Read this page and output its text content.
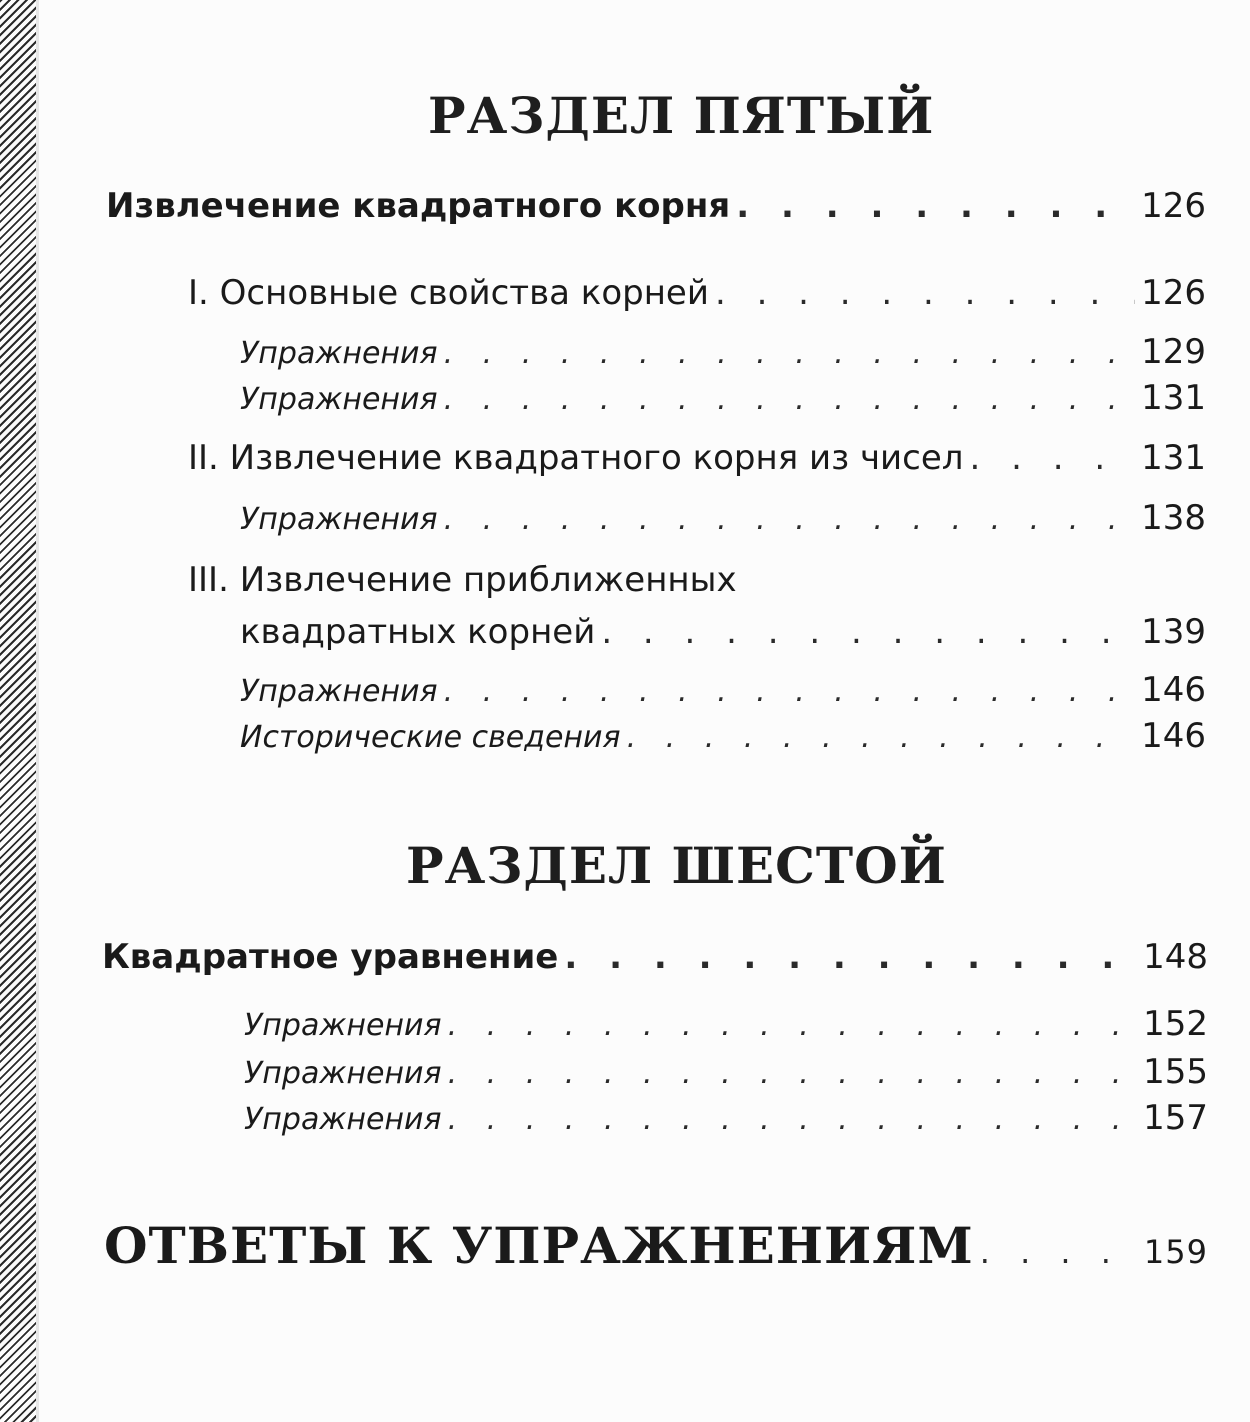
РАЗДЕЛ ПЯТЫЙ
Извлечение квадратного корня . . .	126
I. Основные свойства корней . . .	126
Упражнения . . .	129
Упражнения . . .	131
II. Извлечение квадратного корня из чисел . . .	131
Упражнения . . .	138
III. Извлечение приближенных
квадратных корней . . .	139
Упражнения . . .	146
Исторические сведения . . .	146
РАЗДЕЛ ШЕСТОЙ
Квадратное уравнение . . .	148
Упражнения . . .	152
Упражнения . . .	155
Упражнения . . .	157
ОТВЕТЫ К УПРАЖНЕНИЯМ . . .	159
